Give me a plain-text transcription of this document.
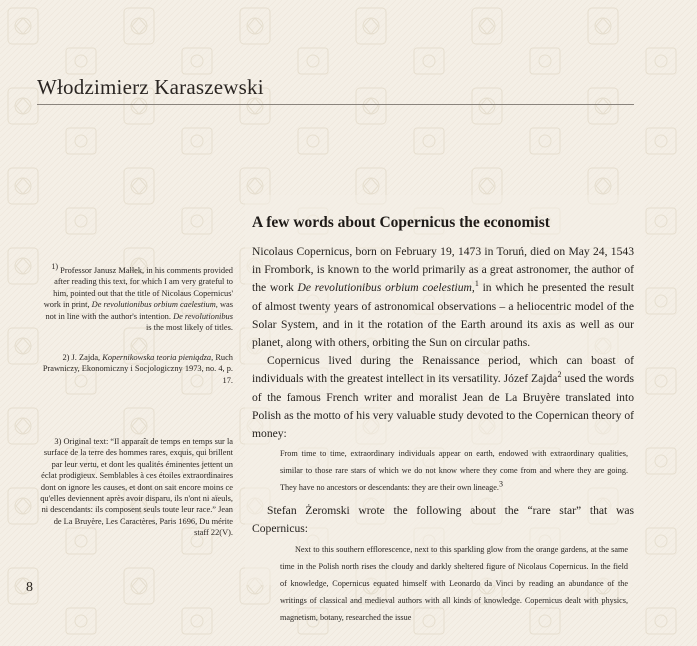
Włodzimierz Karaszewski
A few words about Copernicus the economist

Nicolaus Copernicus, born on February 19, 1473 in Toruń, died on May 24, 1543 in Frombork, is known to the world primarily as a great astronomer, the author of the work De revolutionibus orbium coelestium,$^1$ in which he presented the result of almost twenty years of astronomical observations – a heliocentric model of the Solar System, and in it the rotation of the Earth around its axis as well as our planet, along with others, orbiting the Sun on circular paths.

Copernicus lived during the Renaissance period, which can boast of individuals with the greatest intellect in its versatility. Józef Zajda$^2$ used the words of the famous French writer and moralist Jean de La Bruyère translated into Polish as the motto of his very valuable study devoted to the Copernican theory of money:

From time to time, extraordinary individuals appear on earth, endowed with extraordinary qualities, similar to those rare stars of which we do not know where they come from and where they are going. They have no ancestors or descendants: they are their own lineage.3

Stefan Żeromski wrote the following about the “rare star” that was Copernicus:

Next to this southern efflorescence, next to this sparkling glow from the orange gardens, at the same time in the Polish north rises the cloudy and darkly sheltered figure of Nicolaus Copernicus. In the field of knowledge, Copernicus equated himself with Leonardo da Vinci by reading an abundance of the writings of classical and medieval authors with all kinds of knowledge. Copernicus dealt with physics, magnetism, botany, researched the issue
1) Professor Janusz Małłek, in his comments provided after reading this text, for which I am very grateful to him, pointed out that the title of Nicolaus Copernicus' work in print, De revolutionibus orbium caelestium, was not in line with the author's intention. De revolutionibus is the most likely of titles.
2) J. Zajda, Kopernikowska teoria pieniądza, Ruch Prawniczy, Ekonomiczny i Socjologiczny 1973, no. 4, p. 17.
3) Original text: “Il apparaît de temps en temps sur la surface de la terre des hommes rares, exquis, qui brillent par leur vertu, et dont les qualités éminentes jettent un éclat prodigieux. Semblables à ces étoiles extraordinaires dont on ignore les causes, et dont on sait encore moins ce qu'elles deviennent après avoir disparu, ils n'ont ni aïeuls, ni descendants: ils composent seuls toute leur race.” Jean de La Bruyère, Les Caractères, Paris 1696, Du mérite staff 22(V).
8
